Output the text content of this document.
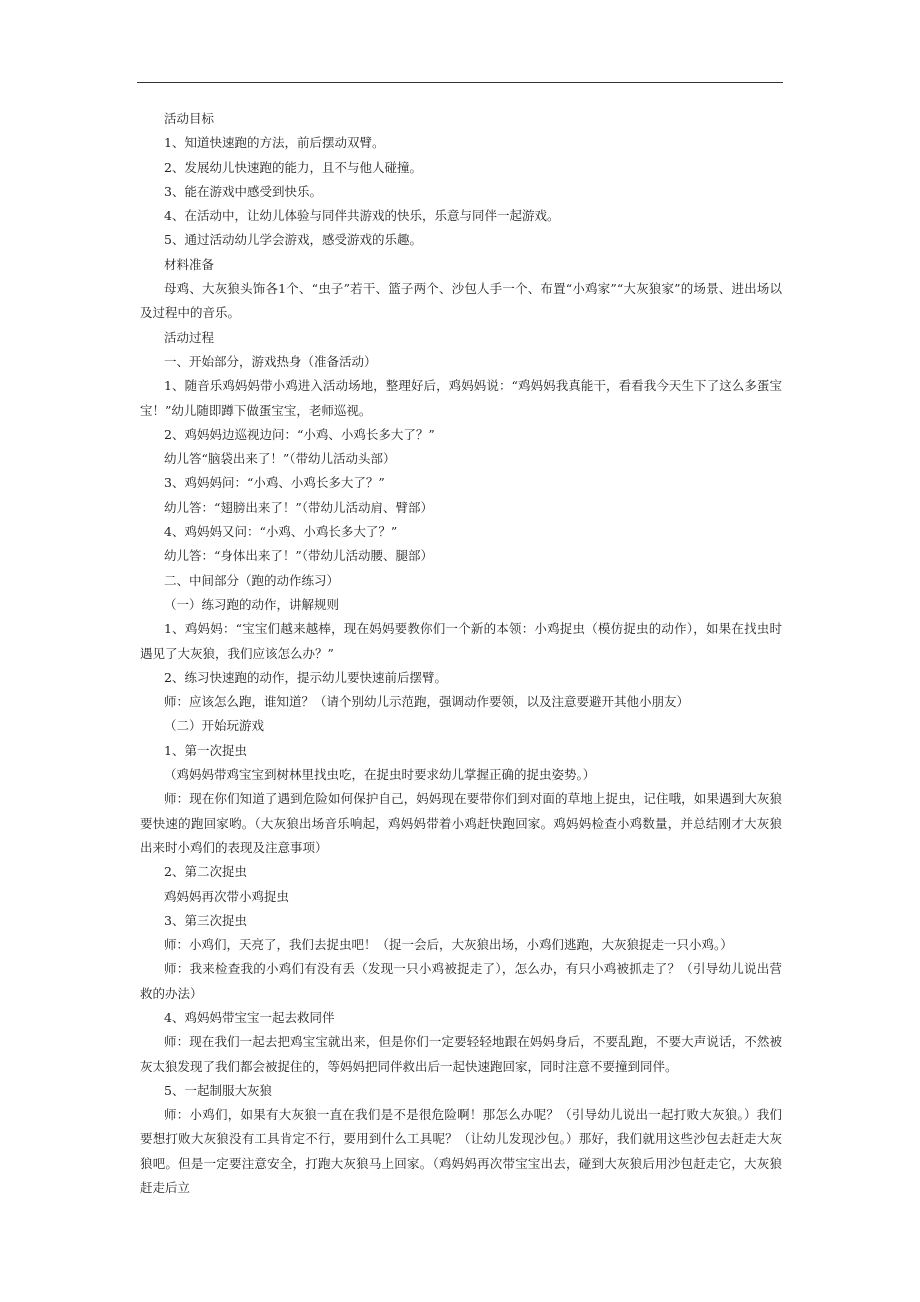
活动目标

1、知道快速跑的方法，前后摆动双臂。

2、发展幼儿快速跑的能力，且不与他人碰撞。

3、能在游戏中感受到快乐。

4、在活动中，让幼儿体验与同伴共游戏的快乐，乐意与同伴一起游戏。

5、通过活动幼儿学会游戏，感受游戏的乐趣。

材料准备

母鸡、大灰狼头饰各1个、“虫子”若干、篮子两个、沙包人手一个、布置“小鸡家”“大灰狼家”的场景、进出场以及过程中的音乐。

活动过程

一、开始部分，游戏热身（准备活动）

1、随音乐鸡妈妈带小鸡进入活动场地，整理好后，鸡妈妈说：“鸡妈妈我真能干，看看我今天生下了这么多蛋宝宝！”幼儿随即蹲下做蛋宝宝，老师巡视。

2、鸡妈妈边巡视边问：“小鸡、小鸡长多大了？”

幼儿答“脑袋出来了！”（带幼儿活动头部）

3、鸡妈妈问：“小鸡、小鸡长多大了？”

幼儿答：“翅膀出来了！”（带幼儿活动肩、臂部）

4、鸡妈妈又问：“小鸡、小鸡长多大了？”

幼儿答：“身体出来了！”（带幼儿活动腰、腿部）

二、中间部分（跑的动作练习）

（一）练习跑的动作，讲解规则

1、鸡妈妈：“宝宝们越来越棒，现在妈妈要教你们一个新的本领：小鸡捉虫（模仿捉虫的动作），如果在找虫时遇见了大灰狼，我们应该怎么办？”

2、练习快速跑的动作，提示幼儿要快速前后摆臂。

师：应该怎么跑，谁知道？（请个别幼儿示范跑，强调动作要领，以及注意要避开其他小朋友）

（二）开始玩游戏

1、第一次捉虫

（鸡妈妈带鸡宝宝到树林里找虫吃，在捉虫时要求幼儿掌握正确的捉虫姿势。）

师：现在你们知道了遇到危险如何保护自己，妈妈现在要带你们到对面的草地上捉虫，记住哦，如果遇到大灰狼要快速的跑回家哟。（大灰狼出场音乐响起，鸡妈妈带着小鸡赶快跑回家。鸡妈妈检查小鸡数量，并总结刚才大灰狼出来时小鸡们的表现及注意事项）

2、第二次捉虫

鸡妈妈再次带小鸡捉虫

3、第三次捉虫

师：小鸡们，天亮了，我们去捉虫吧！（捉一会后，大灰狼出场，小鸡们逃跑，大灰狼捉走一只小鸡。）

师：我来检查我的小鸡们有没有丢（发现一只小鸡被捉走了），怎么办，有只小鸡被抓走了？（引导幼儿说出营救的办法）

4、鸡妈妈带宝宝一起去救同伴

师：现在我们一起去把鸡宝宝就出来，但是你们一定要轻轻地跟在妈妈身后，不要乱跑，不要大声说话，不然被灰太狼发现了我们都会被捉住的，等妈妈把同伴救出后一起快速跑回家，同时注意不要撞到同伴。

5、一起制服大灰狼

师：小鸡们，如果有大灰狼一直在我们是不是很危险啊！那怎么办呢？（引导幼儿说出一起打败大灰狼。）我们要想打败大灰狼没有工具肯定不行，要用到什么工具呢？（让幼儿发现沙包。）那好，我们就用这些沙包去赶走大灰狼吧。但是一定要注意安全，打跑大灰狼马上回家。（鸡妈妈再次带宝宝出去，碰到大灰狼后用沙包赶走它，大灰狼赶走后立
